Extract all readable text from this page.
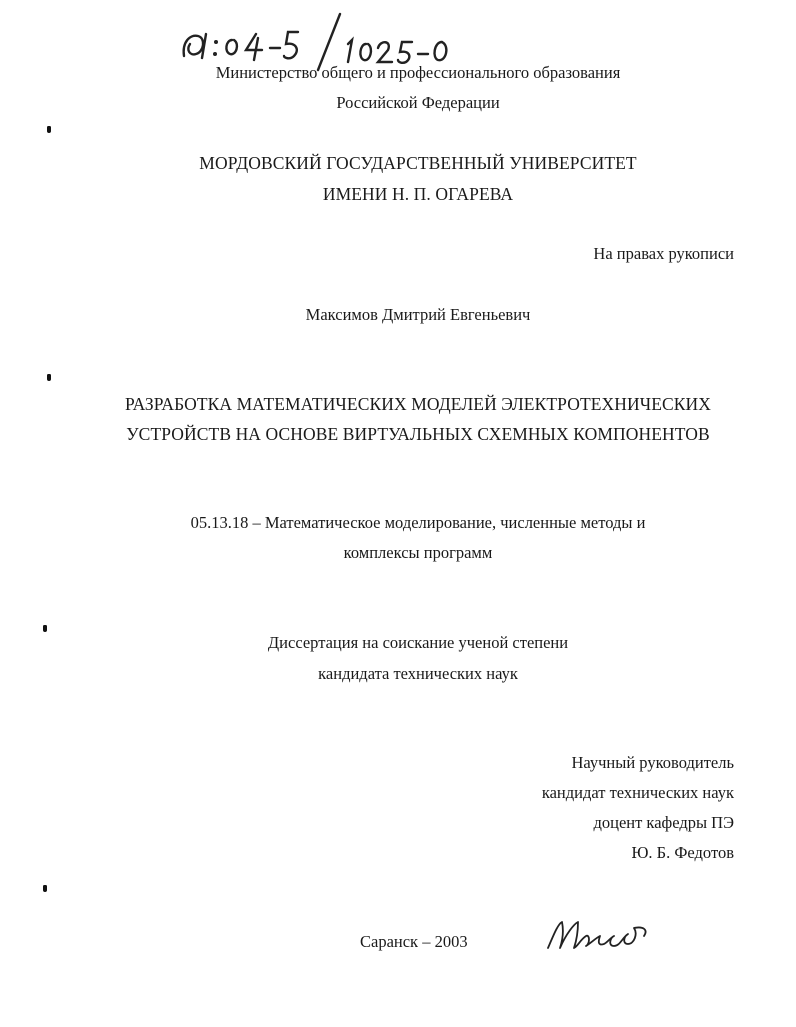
Министерство общего и профессионального образования
Российской Федерации
МОРДОВСКИЙ ГОСУДАРСТВЕННЫЙ УНИВЕРСИТЕТ
ИМЕНИ Н. П. ОГАРЕВА
На правах рукописи
Максимов Дмитрий Евгеньевич
РАЗРАБОТКА МАТЕМАТИЧЕСКИХ МОДЕЛЕЙ ЭЛЕКТРОТЕХНИЧЕСКИХ
УСТРОЙСТВ НА ОСНОВЕ ВИРТУАЛЬНЫХ СХЕМНЫХ КОМПОНЕНТОВ
05.13.18 – Математическое моделирование, численные методы и
комплексы программ
Диссертация на соискание ученой степени
кандидата технических наук
Научный руководитель
кандидат технических наук
доцент кафедры ПЭ
Ю. Б. Федотов
Саранск – 2003
